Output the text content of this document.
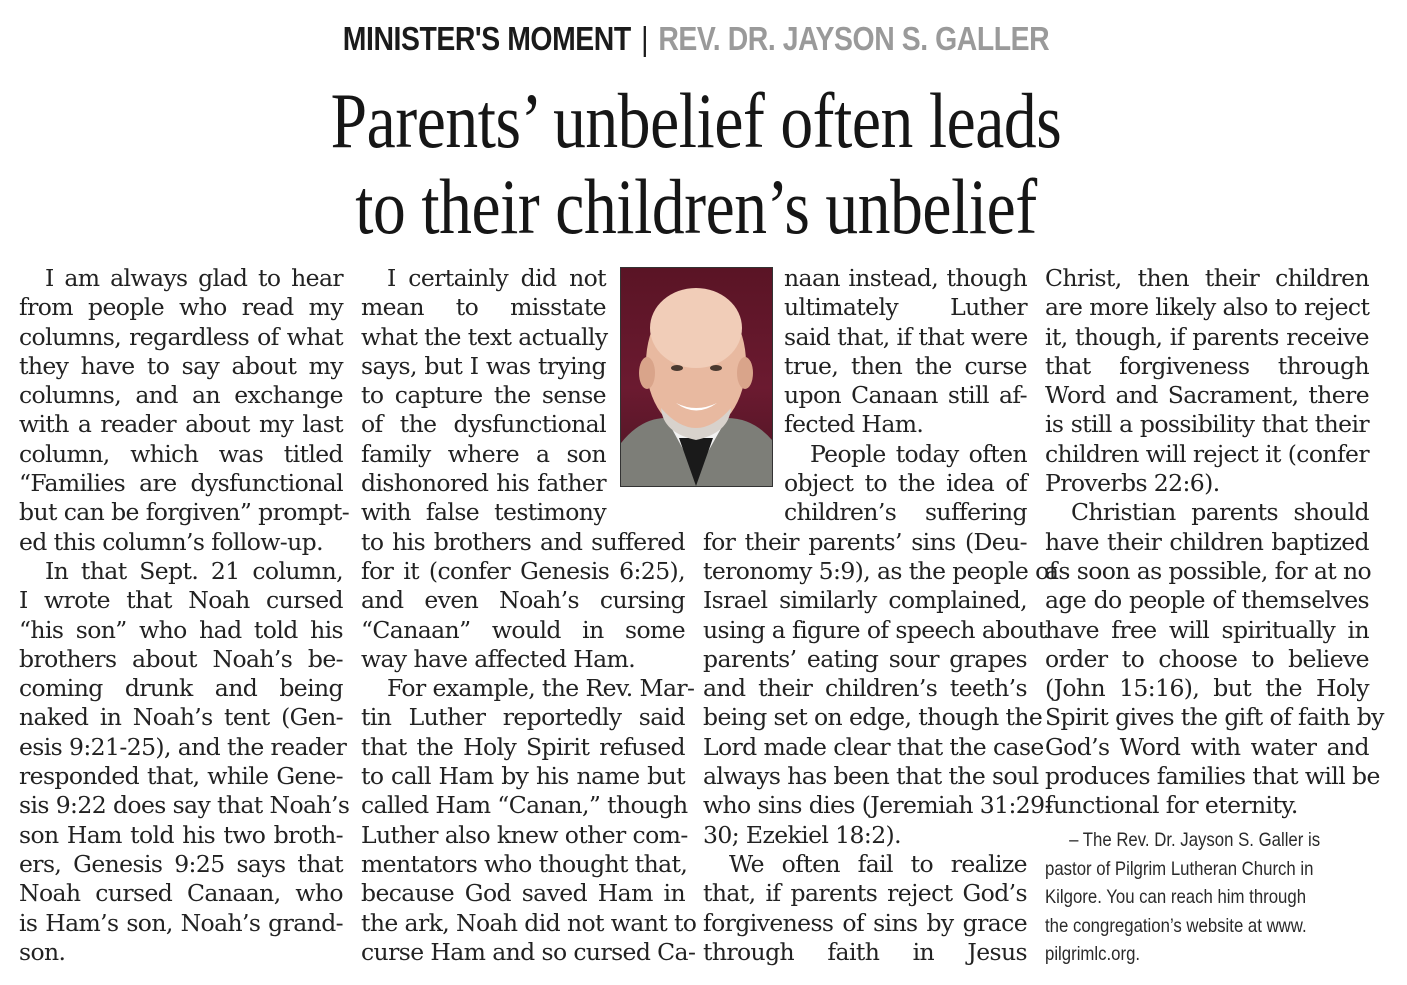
MINISTER'S MOMENT | REV. DR. JAYSON S. GALLER
Parents’ unbelief often leads
to their children’s unbelief
I am always glad to hear
from people who read my
columns, regardless of what
they have to say about my
columns, and an exchange
with a reader about my last
column, which was titled
“Families are dysfunctional
but can be forgiven” prompt-
ed this column’s follow-up.
In that Sept. 21 column,
I wrote that Noah cursed
“his son” who had told his
brothers about Noah’s be-
coming drunk and being
naked in Noah’s tent (Gen-
esis 9:21-25), and the reader
responded that, while Gene-
sis 9:22 does say that Noah’s
son Ham told his two broth-
ers, Genesis 9:25 says that
Noah cursed Canaan, who
is Ham’s son, Noah’s grand-
son.
I certainly did not
mean to misstate
what the text actually
says, but I was trying
to capture the sense
of the dysfunctional
family where a son
dishonored his father
with false testimony
to his brothers and suffered
for it (confer Genesis 6:25),
and even Noah’s cursing
“Canaan” would in some
way have affected Ham.
For example, the Rev. Mar-
tin Luther reportedly said
that the Holy Spirit refused
to call Ham by his name but
called Ham “Canan,” though
Luther also knew other com-
mentators who thought that,
because God saved Ham in
the ark, Noah did not want to
curse Ham and so cursed Ca-
naan instead, though
ultimately Luther
said that, if that were
true, then the curse
upon Canaan still af-
fected Ham.
People today often
object to the idea of
children’s suffering
for their parents’ sins (Deu-
teronomy 5:9), as the people of
Israel similarly complained,
using a figure of speech about
parents’ eating sour grapes
and their children’s teeth’s
being set on edge, though the
Lord made clear that the case
always has been that the soul
who sins dies (Jeremiah 31:29-
30; Ezekiel 18:2).
We often fail to realize
that, if parents reject God’s
forgiveness of sins by grace
through faith in Jesus
Christ, then their children
are more likely also to reject
it, though, if parents receive
that forgiveness through
Word and Sacrament, there
is still a possibility that their
children will reject it (confer
Proverbs 22:6).
Christian parents should
have their children baptized
as soon as possible, for at no
age do people of themselves
have free will spiritually in
order to choose to believe
(John 15:16), but the Holy
Spirit gives the gift of faith by
God’s Word with water and
produces families that will be
functional for eternity.
– The Rev. Dr. Jayson S. Galler is
pastor of Pilgrim Lutheran Church in
Kilgore. You can reach him through
the congregation’s website at www.
pilgrimlc.org.
